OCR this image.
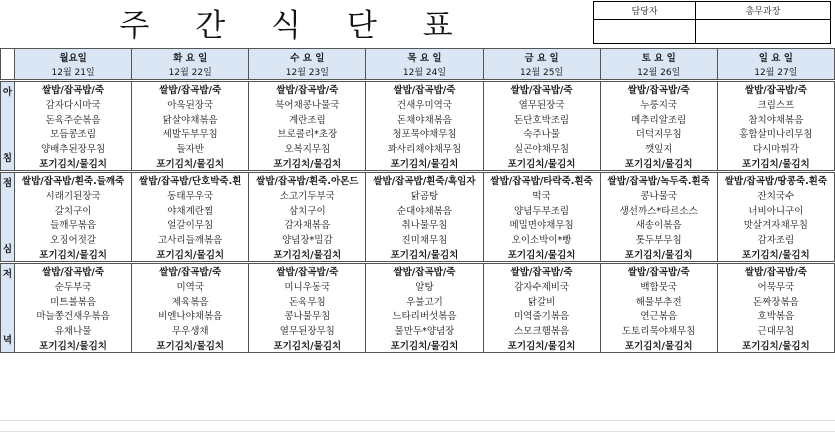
주 간 식 단 표	담당자	총무과장

	월요일	화 요 일	수 요 일	목 요 일	금 요 일	토 요 일	일 요 일
	12월 21일	12월 22일	12월 23일	12월 24일	12월 25일	12월 26일	12월 27일

아
침	쌀밥/잡곡밥/죽	쌀밥/잡곡밥/죽	쌀밥/잡곡밥/죽	쌀밥/잡곡밥/죽	쌀밥/잡곡밥/죽	쌀밥/잡곡밥/죽	쌀밥/잡곡밥/죽
	감자다시마국	아욱된장국	북어채콩나물국	건새우미역국	열무된장국	누룽지국	크림스프
	돈육주순볶음	닭살야채볶음	계란조림	돈채야채볶음	돈단호박조림	메추리알조림	참치야채볶음
	모듬콩조림	세발두부무침	브로콜리*초장	청포묵야채무침	숙주나물	더덕지무침	홍합살미나리무침
	양배추된장무침	돌자반	오복지무침	꽈사리채야채무침	실곤야채무침	깻잎지	다시마튀각
	포기김치/물김치	포기김치/물김치	포기김치/물김치	포기김치/물김치	포기김치/물김치	포기김치/물김치	포기김치/물김치

점
심	쌀밥/잡곡밥/흰죽.들깨죽	쌀밥/잡곡밥/단호박죽.흰	쌀밥/잡곡밥/흰죽.아몬드	쌀밥/잡곡밥/흰죽/흑임자	쌀밥/잡곡밥/타락죽.흰죽	쌀밥/잡곡밥/녹두죽.흰죽	쌀밥/잡곡밥/땅콩죽.흰죽
	시래기된장국	동태무우국	소고기두부국	닭곰탕	떡국	콩나물국	잔치국수
	갈치구이	야채계란찜	삼치구이	순대야채볶음	양념두부조림	생선까스*타르소스	너비아니구이
	들깨무볶음	얼갈이무침	감자채볶음	취나물무침	메밀면야채무침	새송이볶음	맛살겨자채무침
	오징어젓갈	고사리들깨볶음	양념장*밀감	진미채무침	오이소박이*빵	톳두부무침	감자조림
	포기김치/물김치	포기김치/물김치	포기김치/물김치	포기김치/물김치	포기김치/물김치	포기김치/물김치	포기김치/물김치

저
녁	쌀밥/잡곡밥/죽	쌀밥/잡곡밥/죽	쌀밥/잡곡밥/죽	쌀밥/잡곡밥/죽	쌀밥/잡곡밥/죽	쌀밥/잡곡밥/죽	쌀밥/잡곡밥/죽
	순두부국	미역국	미니우동국	알탕	감자수제비국	백합뭇국	어묵무국
	미트볼볶음	제육볶음	돈육무침	우불고기	닭갈비	해물부추전	돈짜장볶음
	마늘쫑건새우볶음	비엔나야채볶음	콩나물무침	느타리버섯볶음	미역줄기볶음	연근볶음	호박볶음
	유채나물	무우생채	열무된장무침	물만두*양념장	스모크햄볶음	도토리묵야채무침	근대무침
	포기김치/물김치	포기김치/물김치	포기김치/물김치	포기김치/물김치	포기김치/물김치	포기김치/물김치	포기김치/물김치
